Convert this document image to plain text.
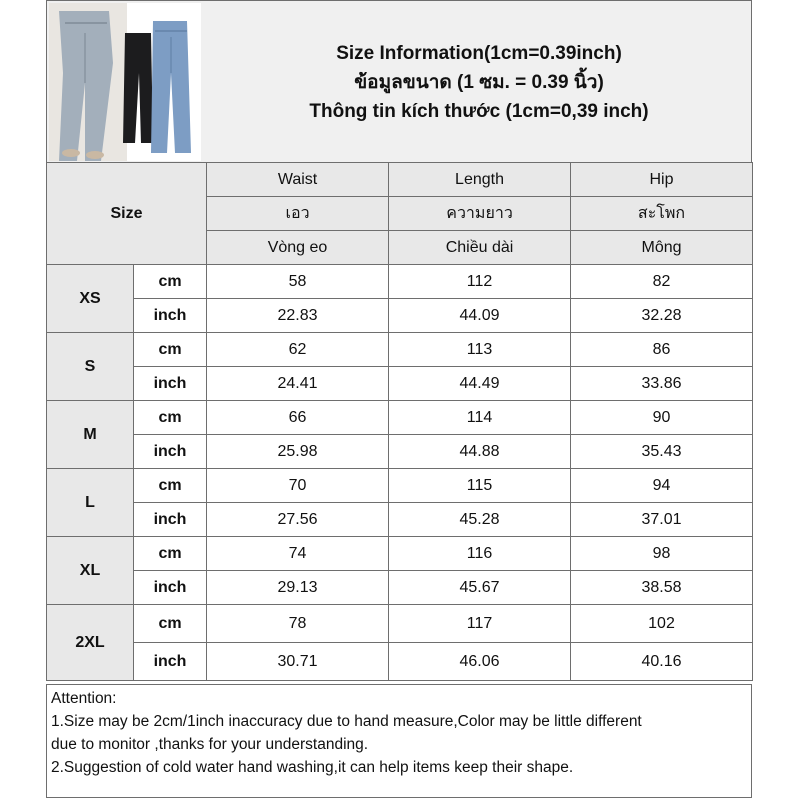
Size Information(1cm=0.39inch)
ข้อมูลขนาด (1 ซม. = 0.39 นิ้ว)
Thông tin kích thước (1cm=0,39 inch)
Size		Waist	Length	Hip
		เอว	ความยาว	สะโพก
		Vòng eo	Chiều dài	Mông
XS	cm	58	112	82
	inch	22.83	44.09	32.28
S	cm	62	113	86
	inch	24.41	44.49	33.86
M	cm	66	114	90
	inch	25.98	44.88	35.43
L	cm	70	115	94
	inch	27.56	45.28	37.01
XL	cm	74	116	98
	inch	29.13	45.67	38.58
2XL	cm	78	117	102
	inch	30.71	46.06	40.16
Attention:
1.Size may be 2cm/1inch inaccuracy due to hand measure,Color may be little different
due to monitor ,thanks for your understanding.
2.Suggestion of cold water hand washing,it can help items keep their shape.
